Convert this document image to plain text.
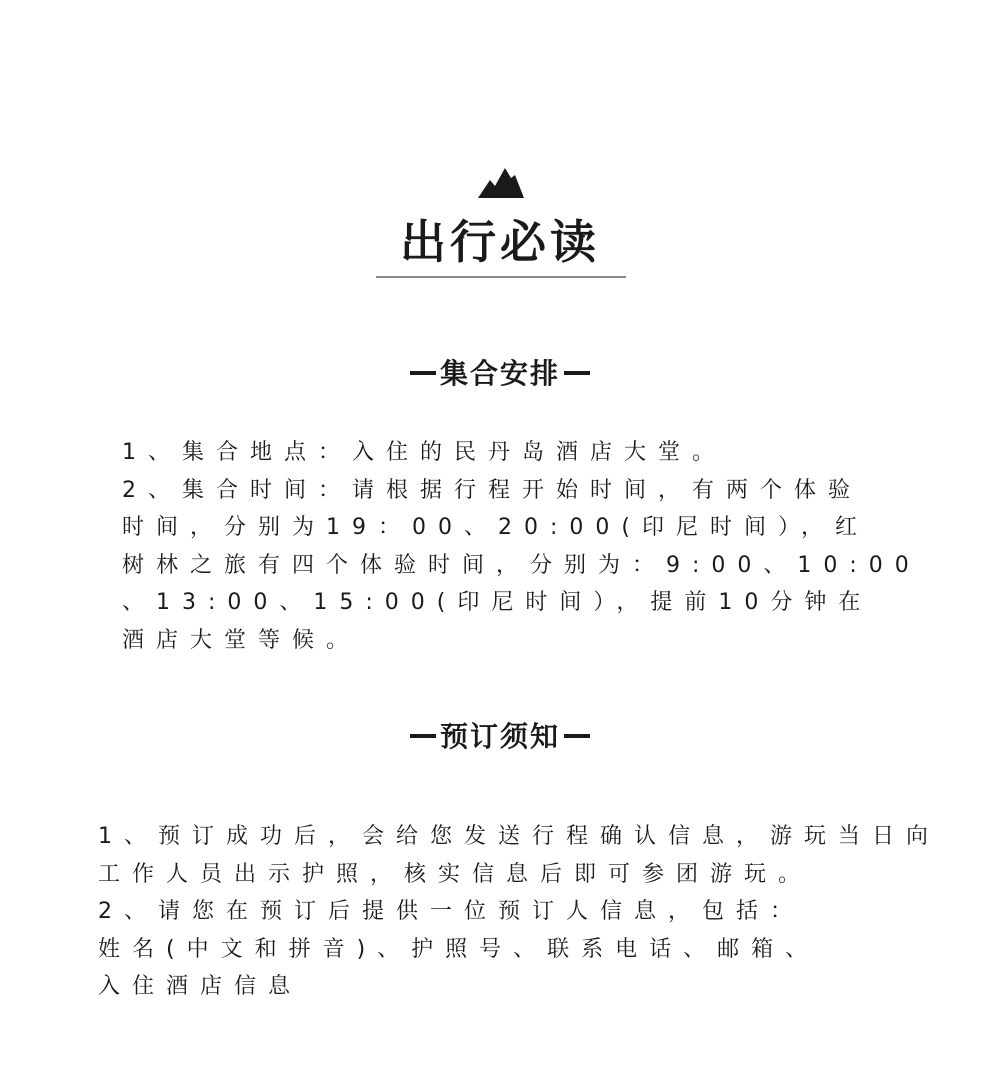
出行必读
集合安排
1、集合地点：入住的民丹岛酒店大堂。
2、集合时间：请根据行程开始时间，有两个体验
时间，分别为19：00、20:00(印尼时间），红
树林之旅有四个体验时间，分别为：9:00、10:00
、13:00、15:00(印尼时间），提前10分钟在
酒店大堂等候。
预订须知
1、预订成功后，会给您发送行程确认信息，游玩当日向
工作人员出示护照，核实信息后即可参团游玩。
2、请您在预订后提供一位预订人信息，包括：
姓名(中文和拼音)、护照号、联系电话、邮箱、
入住酒店信息
